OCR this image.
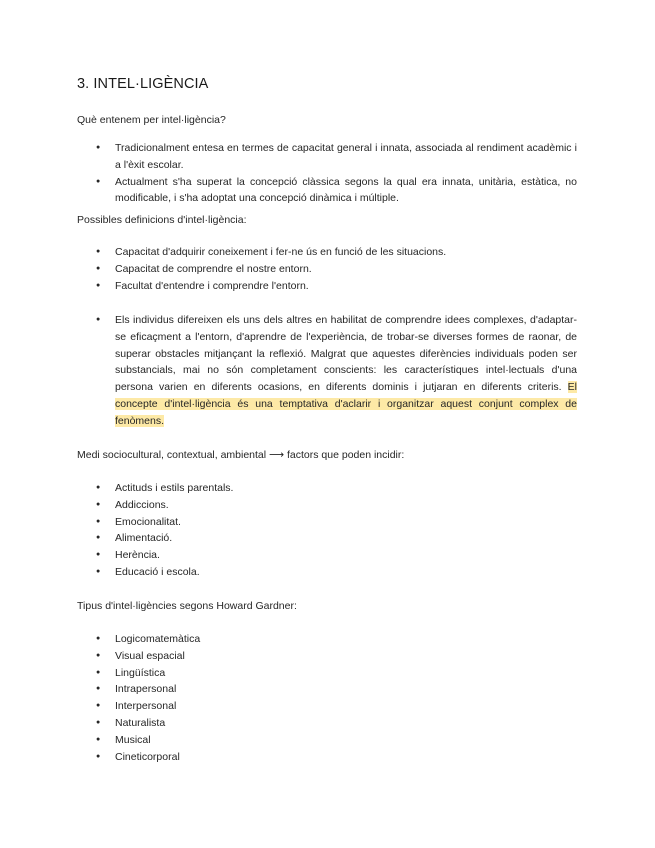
3. INTEL·LIGÈNCIA

Què entenem per intel·ligència?

● Tradicionalment entesa en termes de capacitat general i innata, associada al rendiment acadèmic i a l'èxit escolar.
● Actualment s'ha superat la concepció clàssica segons la qual era innata, unitària, estàtica, no modificable, i s'ha adoptat una concepció dinàmica i múltiple.

Possibles definicions d'intel·ligència:

● Capacitat d'adquirir coneixement i fer-ne ús en funció de les situacions.
● Capacitat de comprendre el nostre entorn.
● Facultat d'entendre i comprendre l'entorn.
● Els individus difereixen els uns dels altres en habilitat de comprendre idees complexes, d'adaptar-se eficaçment a l'entorn, d'aprendre de l'experiència, de trobar-se diverses formes de raonar, de superar obstacles mitjançant la reflexió. Malgrat que aquestes diferències individuals poden ser substancials, mai no són completament conscients: les característiques intel·lectuals d'una persona varien en diferents ocasions, en diferents dominis i jutjaran en diferents criteris. El concepte d'intel·ligència és una temptativa d'aclarir i organitzar aquest conjunt complex de fenòmens.

Medi sociocultural, contextual, ambiental ⟶ factors que poden incidir:

● Actituds i estils parentals.
● Addiccions.
● Emocionalitat.
● Alimentació.
● Herència.
● Educació i escola.

Tipus d'intel·ligències segons Howard Gardner:

● Logicomatemàtica
● Visual espacial
● Lingüística
● Intrapersonal
● Interpersonal
● Naturalista
● Musical
● Cineticorporal
